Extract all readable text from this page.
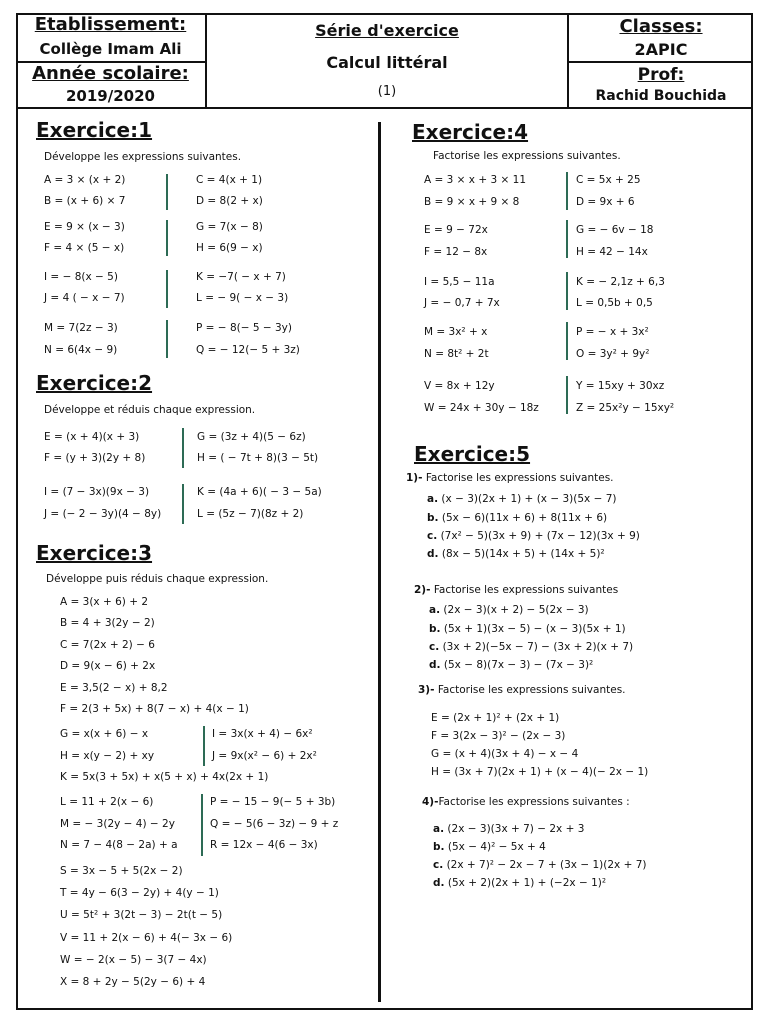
Etablissement:
Collège Imam Ali
Année scolaire:
2019/2020
Série d'exercice
Calcul littéral
(1)
Classes:
2APIC
Prof:
Rachid Bouchida
Exercice:1
Développe les expressions suivantes.
A = 3 × (x + 2)
B = (x + 6) × 7
E = 9 × (x − 3)
F = 4 × (5 − x)
I = − 8(x − 5)
J = 4 ( − x − 7)
M = 7(2z − 3)
N = 6(4x − 9)
C = 4(x + 1)
D = 8(2 + x)
G = 7(x − 8)
H = 6(9 − x)
K = −7( − x + 7)
L = − 9( − x − 3)
P = − 8(− 5 − 3y)
Q = − 12(− 5 + 3z)
Exercice:2
Développe et réduis chaque expression.
E = (x + 4)(x + 3)
F = (y + 3)(2y + 8)
I = (7 − 3x)(9x − 3)
J = (− 2 − 3y)(4 − 8y)
G = (3z + 4)(5 − 6z)
H = ( − 7t + 8)(3 − 5t)
K = (4a + 6)( − 3 − 5a)
L = (5z − 7)(8z + 2)
Exercice:3
Développe puis réduis chaque expression.
A = 3(x + 6) + 2
B = 4 + 3(2y − 2)
C = 7(2x + 2) − 6
D = 9(x − 6) + 2x
E = 3,5(2 − x) + 8,2
F = 2(3 + 5x) + 8(7 − x) + 4(x − 1)
G = x(x + 6) − x
H = x(y − 2) + xy
I = 3x(x + 4) − 6x²
J = 9x(x² − 6) + 2x²
K = 5x(3 + 5x) + x(5 + x) + 4x(2x + 1)
L = 11 + 2(x − 6)
M = − 3(2y − 4) − 2y
N = 7 − 4(8 − 2a) + a
P = − 15 − 9(− 5 + 3b)
Q = − 5(6 − 3z) − 9 + z
R = 12x − 4(6 − 3x)
S = 3x − 5 + 5(2x − 2)
T = 4y − 6(3 − 2y) + 4(y − 1)
U = 5t² + 3(2t − 3) − 2t(t − 5)
V = 11 + 2(x − 6) + 4(− 3x − 6)
W = − 2(x − 5) − 3(7 − 4x)
X = 8 + 2y − 5(2y − 6) + 4
Exercice:4
Factorise les expressions suivantes.
A = 3 × x + 3 × 11
B = 9 × x + 9 × 8
E = 9 − 72x
F = 12 − 8x
I = 5,5 − 11a
J = − 0,7 + 7x
M = 3x² + x
N = 8t² + 2t
V = 8x + 12y
W = 24x + 30y − 18z
C = 5x + 25
D = 9x + 6
G = − 6v − 18
H = 42 − 14x
K = − 2,1z + 6,3
L = 0,5b + 0,5
P = − x + 3x²
O = 3y² + 9y²
Y = 15xy + 30xz
Z = 25x²y − 15xy²
Exercice:5
1)- Factorise les expressions suivantes.
a. (x − 3)(2x + 1) + (x − 3)(5x − 7)
b. (5x − 6)(11x + 6) + 8(11x + 6)
c. (7x² − 5)(3x + 9) + (7x − 12)(3x + 9)
d. (8x − 5)(14x + 5) + (14x + 5)²
2)- Factorise les expressions suivantes
a. (2x − 3)(x + 2) − 5(2x − 3)
b. (5x + 1)(3x − 5) − (x − 3)(5x + 1)
c. (3x + 2)(−5x − 7) − (3x + 2)(x + 7)
d. (5x − 8)(7x − 3) − (7x − 3)²
3)- Factorise les expressions suivantes.
E = (2x + 1)² + (2x + 1)
F = 3(2x − 3)² − (2x − 3)
G = (x + 4)(3x + 4) − x − 4
H = (3x + 7)(2x + 1) + (x − 4)(− 2x − 1)
4)-Factorise les expressions suivantes :
a. (2x − 3)(3x + 7) − 2x + 3
b. (5x − 4)² − 5x + 4
c. (2x + 7)² − 2x − 7 + (3x − 1)(2x + 7)
d. (5x + 2)(2x + 1) + (−2x − 1)²
